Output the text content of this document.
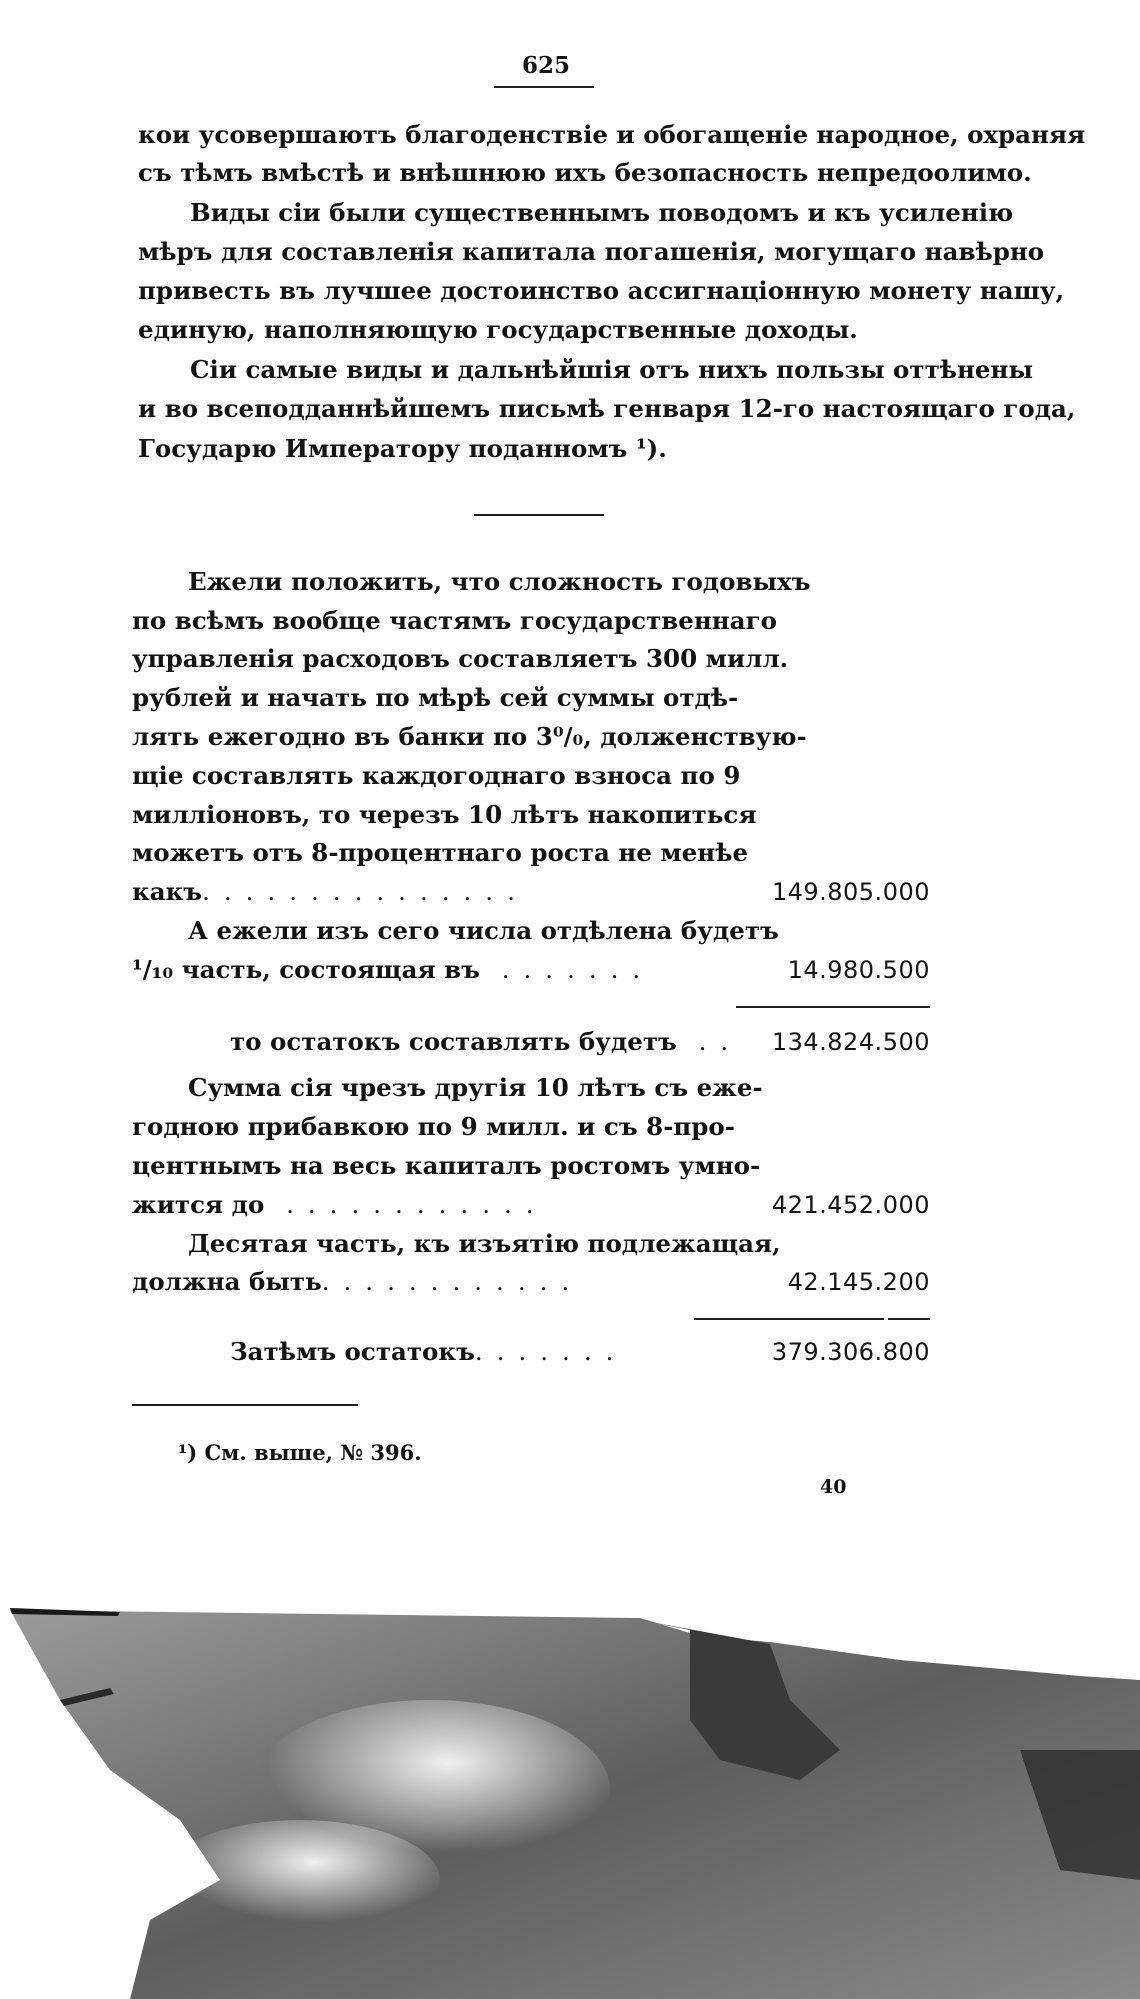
625
кои усовершаютъ благоденствіе и обогащеніе народное, охраняя
съ тѣмъ вмѣстѣ и внѣшнюю ихъ безопасность непредоолимо.
Виды сіи были существеннымъ поводомъ и къ усиленію
мѣръ для составленія капитала погашенія, могущаго навѣрно
привесть въ лучшее достоинство ассигнаціонную монету нашу,
единую, наполняющую государственные доходы.
Сіи самые виды и дальнѣйшія отъ нихъ пользы оттѣнены
и во всеподданнѣйшемъ письмѣ генваря 12-го настоящаго года,
Государю Императору поданномъ ¹).
Ежели положить, что сложность годовыхъ
по всѣмъ вообще частямъ государственнаго
управленія расходовъ составляетъ 300 милл.
рублей и начать по мѣрѣ сей суммы отдѣ-
лять ежегодно въ банки по 3⁰/₀, долженствую-
щіе составлять каждогоднаго взноса по 9
милліоновъ, то черезъ 10 лѣтъ накопиться
можетъ отъ 8-процентнаго роста не менѣе
какъ...............	149.805.000
А ежели изъ сего числа отдѣлена будетъ
¹/₁₀ часть, состоящая въ .......	14.980.500
то остатокъ составлять будетъ ..	134.824.500
Сумма сія чрезъ другія 10 лѣтъ съ еже-
годною прибавкою по 9 милл. и съ 8-про-
центнымъ на весь капиталъ ростомъ умно-
жится до ............	421.452.000
Десятая часть, къ изъятію подлежащая,
должна быть............	42.145.200
Затѣмъ остатокъ.......	379.306.800
¹) См. выше, № 396.
40
